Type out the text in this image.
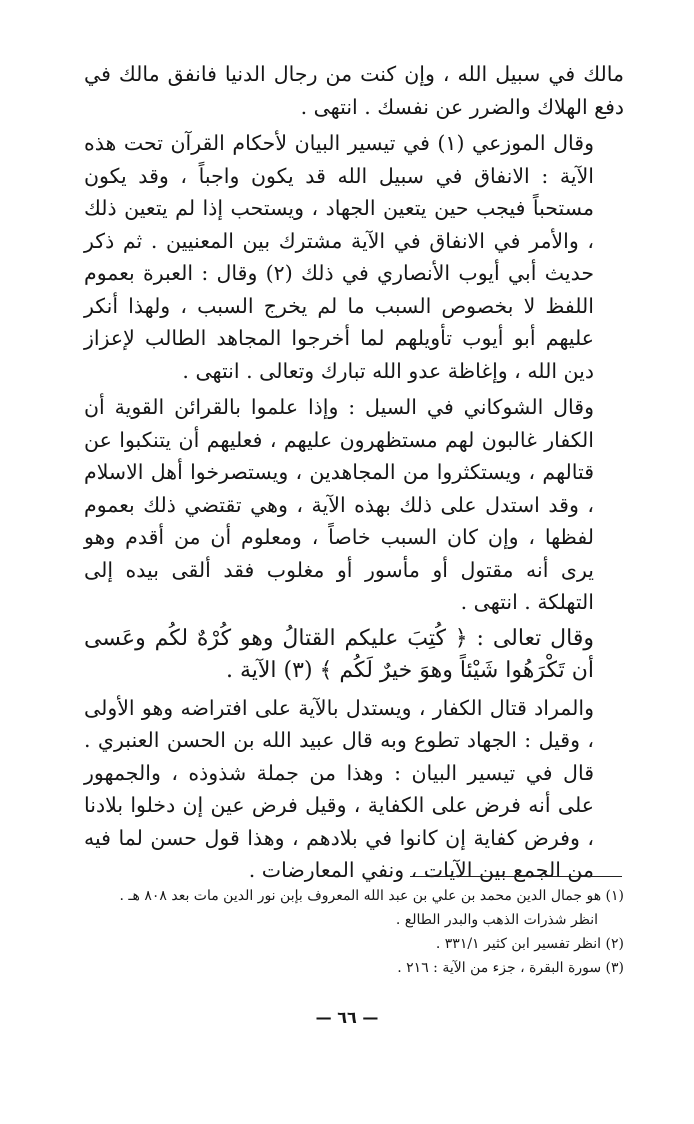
مالك في سبيل الله ، وإن كنت من رجال الدنيا فانفق مالك في دفع الهلاك والضرر عن نفسك . انتهى .

وقال الموزعي (١) في تيسير البيان لأحكام القرآن تحت هذه الآية : الانفاق في سبيل الله قد يكون واجباً ، وقد يكون مستحباً فيجب حين يتعين الجهاد ، ويستحب إذا لم يتعين ذلك ، والأمر في الانفاق في الآية مشترك بين المعنيين . ثم ذكر حديث أبي أيوب الأنصاري في ذلك (٢) وقال : العبرة بعموم اللفظ لا بخصوص السبب ما لم يخرج السبب ، ولهذا أنكر عليهم أبو أيوب تأويلهم لما أخرجوا المجاهد الطالب لإعزاز دين الله ، وإغاظة عدو الله تبارك وتعالى . انتهى .

وقال الشوكاني في السيل : وإذا علموا بالقرائن القوية أن الكفار غالبون لهم مستظهرون عليهم ، فعليهم أن يتنكبوا عن قتالهم ، ويستكثروا من المجاهدين ، ويستصرخوا أهل الاسلام ، وقد استدل على ذلك بهذه الآية ، وهي تقتضي ذلك بعموم لفظها ، وإن كان السبب خاصاً ، ومعلوم أن من أقدم وهو يرى أنه مقتول أو مأسور أو مغلوب فقد ألقى بيده إلى التهلكة . انتهى .

وقال تعالى : ﴿ كُتِبَ عليكم القتالُ وهو كُرْهٌ لكُم وعَسى أن تَكْرَهُوا شَيْئاً وهوَ خيرٌ لَكُم ﴾ (٣) الآية .

والمراد قتال الكفار ، ويستدل بالآية على افتراضه وهو الأولى ، وقيل : الجهاد تطوع وبه قال عبيد الله بن الحسن العنبري . قال في تيسير البيان : وهذا من جملة شذوذه ، والجمهور على أنه فرض على الكفاية ، وقيل فرض عين إن دخلوا بلادنا ، وفرض كفاية إن كانوا في بلادهم ، وهذا قول حسن لما فيه من الجمع بين الآيات ، ونفي المعارضات .

(١) هو جمال الدين محمد بن علي بن عبد الله المعروف بإبن نور الدين مات بعد ٨٠٨ هـ .

انظر شذرات الذهب والبدر الطالع .

(٢) انظر تفسير ابن كثير ٣٣١/١ .

(٣) سورة البقرة ، جزء من الآية : ٢١٦ .

— ٦٦ —
